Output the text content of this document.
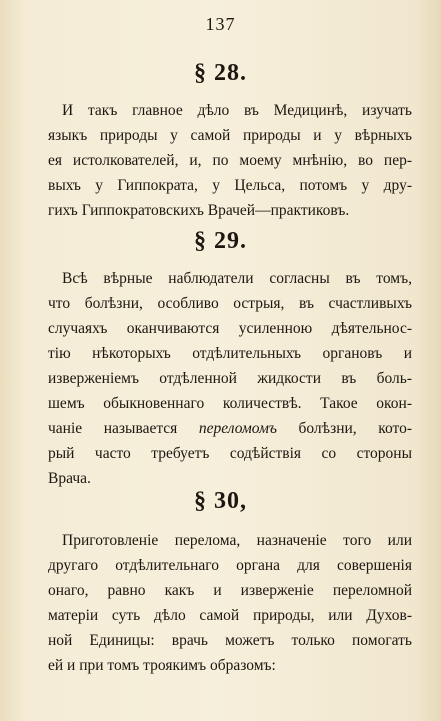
137
§ 28.
И такъ главное дѣло въ Медицинѣ, изучать
языкъ природы у самой природы и у вѣрныхъ
ея истолкователей, и, по моему мнѣнію, во пер-
выхъ у Гиппократа, у Цельса, потомъ у дру-
гихъ Гиппократовскихъ Врачей—практиковъ.
§ 29.
Всѣ вѣрные наблюдатели согласны въ томъ,
что болѣзни, особливо острыя, въ счастливыхъ
случаяхъ оканчиваются усиленною дѣятельнос-
тію нѣкоторыхъ отдѣлительныхъ органовъ и
изверженіемъ отдѣленной жидкости въ боль-
шемъ обыкновеннаго количествѣ. Такое окон-
чаніе называется переломомъ болѣзни, кото-
рый часто требуетъ содѣйствія со стороны
Врача.
§ 30,
Приготовленіе перелома, назначеніе того или
другаго отдѣлительнаго органа для совершенія
онаго, равно какъ и изверженіе переломной
матеріи суть дѣло самой природы, или Духов-
ной Единицы: врачь можетъ только помогать
ей и при томъ троякимъ образомъ:
